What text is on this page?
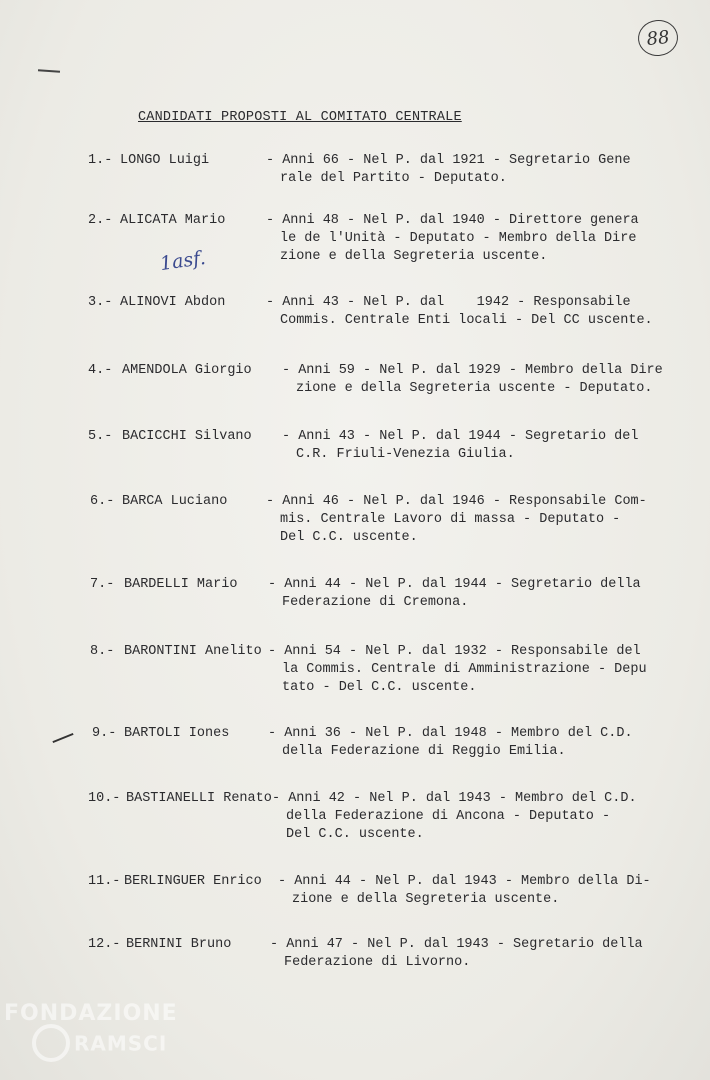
88
CANDIDATI PROPOSTI AL COMITATO CENTRALE
1asf.
1.- LONGO Luigi	- Anni 66 - Nel P. dal 1921 - Segretario Gene
rale del Partito - Deputato.
2.- ALICATA Mario	- Anni 48 - Nel P. dal 1940 - Direttore genera
le de l'Unità - Deputato - Membro della Dire
zione e della Segreteria uscente.
3.- ALINOVI Abdon	- Anni 43 - Nel P. dal    1942 - Responsabile
Commis. Centrale Enti locali - Del CC uscente.
4.- AMENDOLA Giorgio - Anni 59 - Nel P. dal 1929 - Membro della Dire
zione e della Segreteria uscente - Deputato.
5.- BACICCHI Silvano - Anni 43 - Nel P. dal 1944 - Segretario del
C.R. Friuli-Venezia Giulia.
6.- BARCA Luciano	- Anni 46 - Nel P. dal 1946 - Responsabile Com-
mis. Centrale Lavoro di massa - Deputato -
Del C.C. uscente.
7.- BARDELLI Mario - Anni 44 - Nel P. dal 1944 - Segretario della
Federazione di Cremona.
8.- BARONTINI Anelito - Anni 54 - Nel P. dal 1932 - Responsabile del
la Commis. Centrale di Amministrazione - Depu
tato - Del C.C. uscente.
9.- BARTOLI Iones	- Anni 36 - Nel P. dal 1948 - Membro del C.D.
della Federazione di Reggio Emilia.
10.- BASTIANELLI Renato - Anni 42 - Nel P. dal 1943 - Membro del C.D.
della Federazione di Ancona - Deputato -
Del C.C. uscente.
11.- BERLINGUER Enrico - Anni 44 - Nel P. dal 1943 - Membro della Di-
zione e della Segreteria uscente.
12.- BERNINI Bruno	- Anni 47 - Nel P. dal 1943 - Segretario della
Federazione di Livorno.
FONDAZIONE
RAMSCI
